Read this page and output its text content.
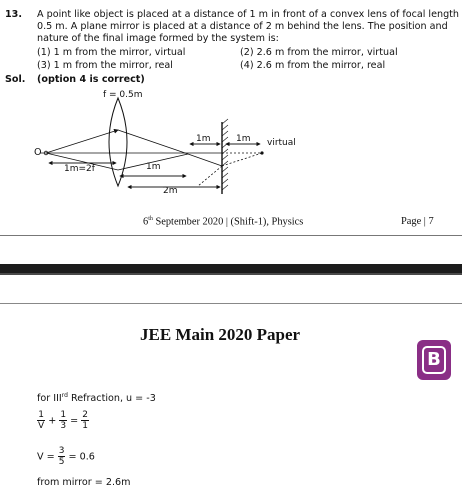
13. A point like object is placed at a distance of 1 m in front of a convex lens of focal length
0.5 m. A plane mirror is placed at a distance of 2 m behind the lens. The position and
nature of the final image formed by the system is:
(1) 1 m from the mirror, virtual	(2) 2.6 m from the mirror, virtual
(3) 1 m from the mirror, real	(4) 2.6 m from the mirror, real
Sol. (option 4 is correct)
f = 0.5m
O
1m=2f	1m
2m
1m	1m virtual
6th September 2020 | (Shift-1), Physics	Page | 7
JEE Main 2020 Paper
B
for IIIrd Refraction, u = -3
$\frac{1}{V} + \frac{1}{3} = \frac{2}{1}$
$V = \frac{3}{5} = 0.6$
from mirror = 2.6m
